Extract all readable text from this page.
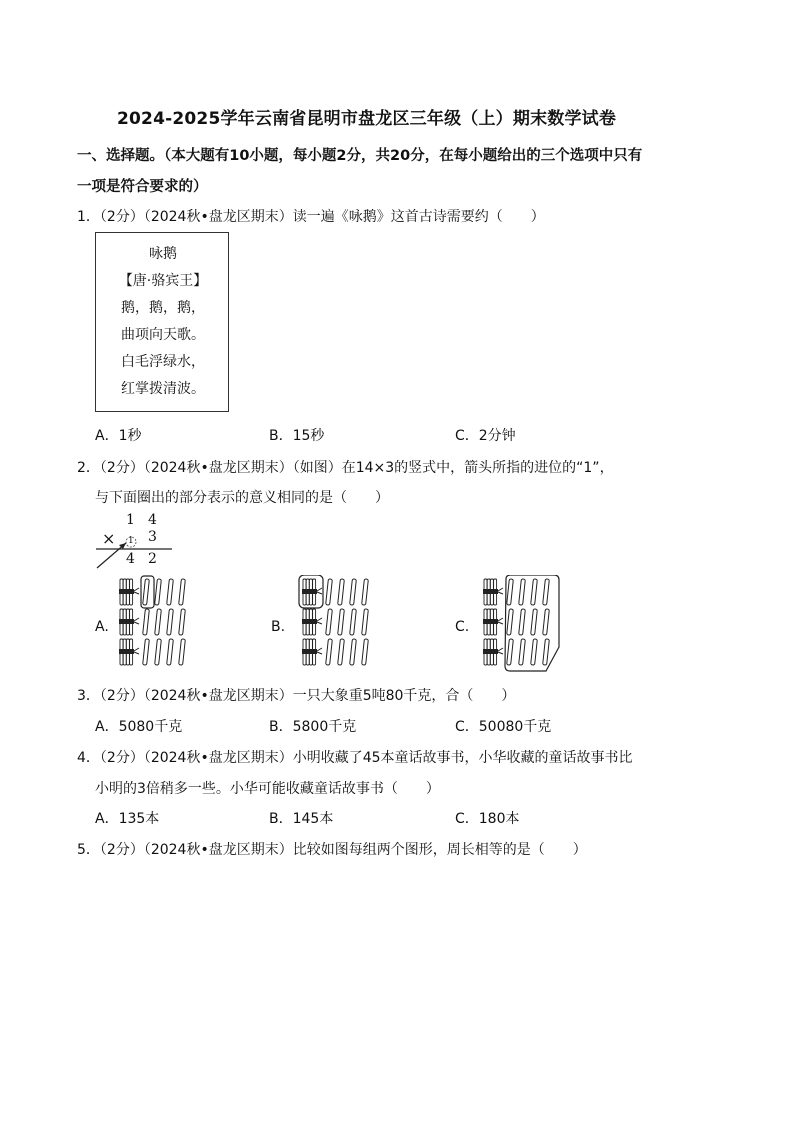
2024-2025学年云南省昆明市盘龙区三年级（上）期末数学试卷
一、选择题。（本大题有10小题，每小题2分，共20分，在每小题给出的三个选项中只有
一项是符合要求的）
1．（2分）（2024秋•盘龙区期末）读一遍《咏鹅》这首古诗需要约（　　）
咏鹅
【唐·骆宾王】
鹅，鹅，鹅，
曲项向天歌。
白毛浮绿水，
红掌拨清波。
A．1秒	B．15秒	C．2分钟
2．（2分）（2024秋•盘龙区期末）（如图）在14×3的竖式中，箭头所指的进位的“1”，
与下面圈出的部分表示的意义相同的是（　　）
1 4
× 1 3
4 2
A.	B.	C.
3．（2分）（2024秋•盘龙区期末）一只大象重5吨80千克，合（　　）
A．5080千克	B．5800千克	C．50080千克
4．（2分）（2024秋•盘龙区期末）小明收藏了45本童话故事书，小华收藏的童话故事书比
小明的3倍稍多一些。小华可能收藏童话故事书（　　）
A．135本	B．145本	C．180本
5．（2分）（2024秋•盘龙区期末）比较如图每组两个图形，周长相等的是（　　）
